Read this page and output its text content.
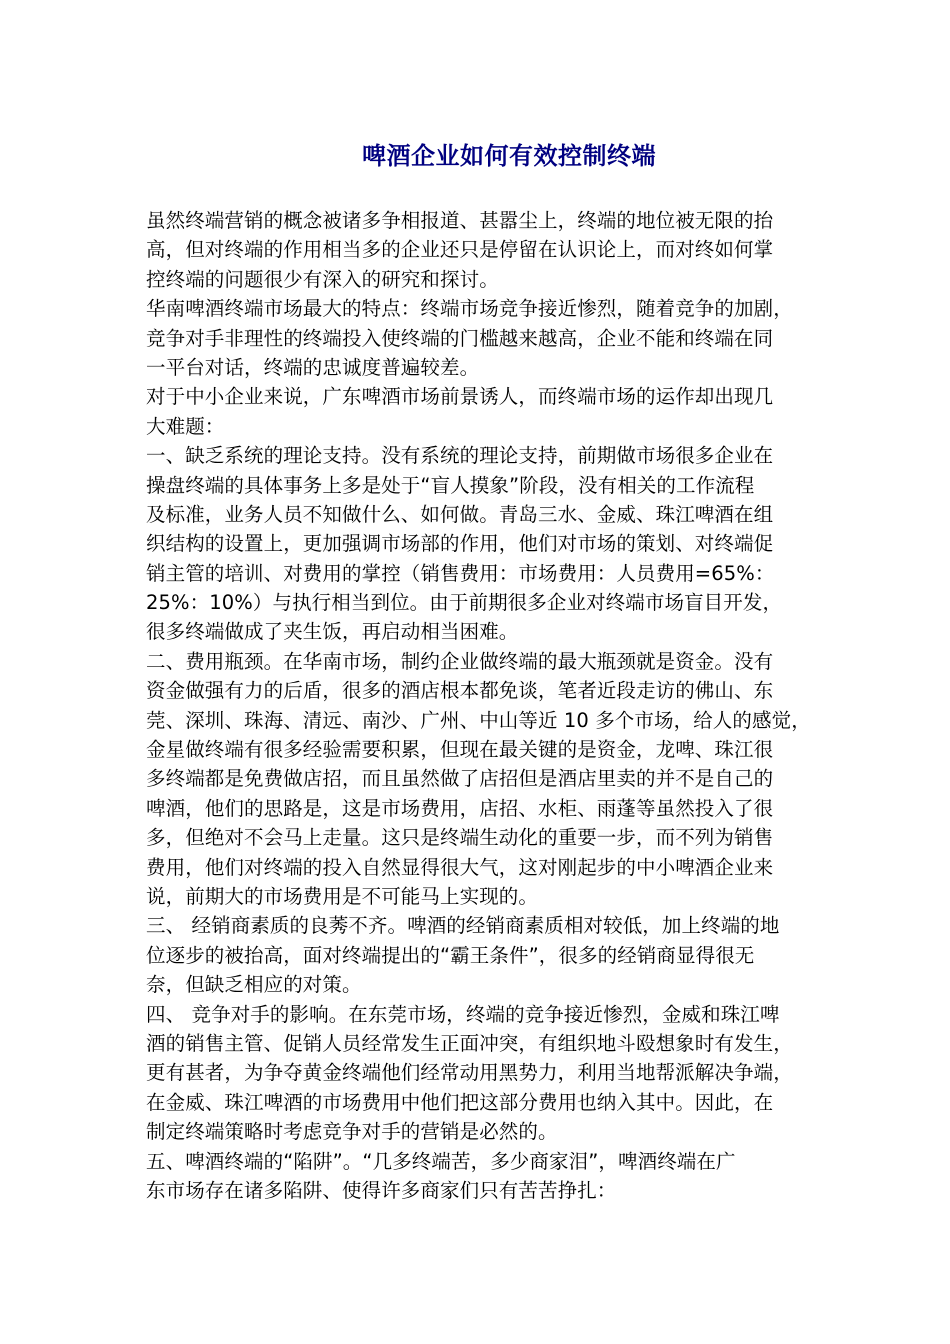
啤酒企业如何有效控制终端
虽然终端营销的概念被诸多争相报道、甚嚣尘上，终端的地位被无限的抬
高，但对终端的作用相当多的企业还只是停留在认识论上，而对终如何掌
控终端的问题很少有深入的研究和探讨。
华南啤酒终端市场最大的特点：终端市场竞争接近惨烈，随着竞争的加剧，
竞争对手非理性的终端投入使终端的门槛越来越高，企业不能和终端在同
一平台对话，终端的忠诚度普遍较差。
对于中小企业来说，广东啤酒市场前景诱人，而终端市场的运作却出现几
大难题：
一、缺乏系统的理论支持。没有系统的理论支持，前期做市场很多企业在
操盘终端的具体事务上多是处于“盲人摸象”阶段，没有相关的工作流程
及标准，业务人员不知做什么、如何做。青岛三水、金威、珠江啤酒在组
织结构的设置上，更加强调市场部的作用，他们对市场的策划、对终端促
销主管的培训、对费用的掌控（销售费用：市场费用：人员费用=65%：
25%：10%）与执行相当到位。由于前期很多企业对终端市场盲目开发，
很多终端做成了夹生饭，再启动相当困难。
二、费用瓶颈。在华南市场，制约企业做终端的最大瓶颈就是资金。没有
资金做强有力的后盾，很多的酒店根本都免谈，笔者近段走访的佛山、东
莞、深圳、珠海、清远、南沙、广州、中山等近 10 多个市场，给人的感觉，
金星做终端有很多经验需要积累，但现在最关键的是资金，龙啤、珠江很
多终端都是免费做店招，而且虽然做了店招但是酒店里卖的并不是自己的
啤酒，他们的思路是，这是市场费用，店招、水柜、雨蓬等虽然投入了很
多，但绝对不会马上走量。这只是终端生动化的重要一步，而不列为销售
费用，他们对终端的投入自然显得很大气，这对刚起步的中小啤酒企业来
说，前期大的市场费用是不可能马上实现的。
三、 经销商素质的良莠不齐。啤酒的经销商素质相对较低，加上终端的地
位逐步的被抬高，面对终端提出的“霸王条件”，很多的经销商显得很无
奈，但缺乏相应的对策。
四、 竞争对手的影响。在东莞市场，终端的竞争接近惨烈，金威和珠江啤
酒的销售主管、促销人员经常发生正面冲突，有组织地斗殴想象时有发生，
更有甚者，为争夺黄金终端他们经常动用黑势力，利用当地帮派解决争端，
在金威、珠江啤酒的市场费用中他们把这部分费用也纳入其中。因此，在
制定终端策略时考虑竞争对手的营销是必然的。
五、啤酒终端的“陷阱”。“几多终端苦，多少商家泪”，啤酒终端在广
东市场存在诸多陷阱、使得许多商家们只有苦苦挣扎：
